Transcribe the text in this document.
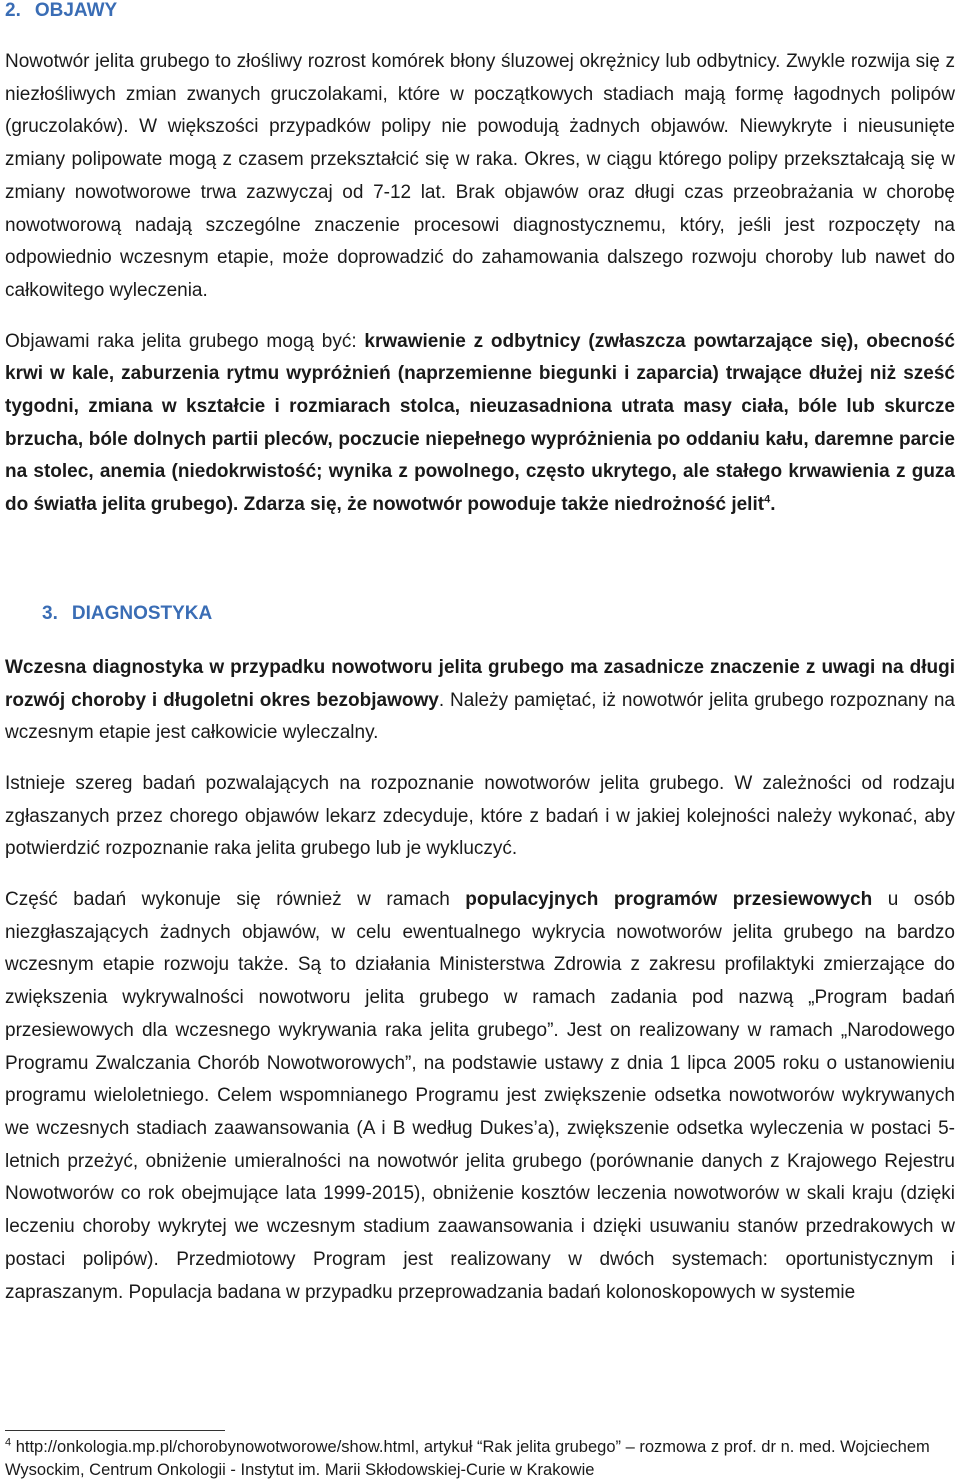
2. OBJAWY

Nowotwór jelita grubego to złośliwy rozrost komórek błony śluzowej okrężnicy lub odbytnicy. Zwykle rozwija się z niezłośliwych zmian zwanych gruczolakami, które w początkowych stadiach mają formę łagodnych polipów (gruczolaków). W większości przypadków polipy nie powodują żadnych objawów. Niewykryte i nieusunięte zmiany polipowate mogą z czasem przekształcić się w raka. Okres, w ciągu którego polipy przekształcają się w zmiany nowotworowe trwa zazwyczaj od 7-12 lat. Brak objawów oraz długi czas przeobrażania w chorobę nowotworową nadają szczególne znaczenie procesowi diagnostycznemu, który, jeśli jest rozpoczęty na odpowiednio wczesnym etapie, może doprowadzić do zahamowania dalszego rozwoju choroby lub nawet do całkowitego wyleczenia.

Objawami raka jelita grubego mogą być: krwawienie z odbytnicy (zwłaszcza powtarzające się), obecność krwi w kale, zaburzenia rytmu wypróżnień (naprzemienne biegunki i zaparcia) trwające dłużej niż sześć tygodni, zmiana w kształcie i rozmiarach stolca, nieuzasadniona utrata masy ciała, bóle lub skurcze brzucha, bóle dolnych partii pleców, poczucie niepełnego wypróżnienia po oddaniu kału, daremne parcie na stolec, anemia (niedokrwistość; wynika z powolnego, często ukrytego, ale stałego krwawienia z guza do światła jelita grubego). Zdarza się, że nowotwór powoduje także niedrożność jelit$^4$.

3. DIAGNOSTYKA

Wczesna diagnostyka w przypadku nowotworu jelita grubego ma zasadnicze znaczenie z uwagi na długi rozwój choroby i długoletni okres bezobjawowy. Należy pamiętać, iż nowotwór jelita grubego rozpoznany na wczesnym etapie jest całkowicie wyleczalny.

Istnieje szereg badań pozwalających na rozpoznanie nowotworów jelita grubego. W zależności od rodzaju zgłaszanych przez chorego objawów lekarz zdecyduje, które z badań i w jakiej kolejności należy wykonać, aby potwierdzić rozpoznanie raka jelita grubego lub je wykluczyć.

Część badań wykonuje się również w ramach populacyjnych programów przesiewowych u osób niezgłaszających żadnych objawów, w celu ewentualnego wykrycia nowotworów jelita grubego na bardzo wczesnym etapie rozwoju także. Są to działania Ministerstwa Zdrowia z zakresu profilaktyki zmierzające do zwiększenia wykrywalności nowotworu jelita grubego w ramach zadania pod nazwą „Program badań przesiewowych dla wczesnego wykrywania raka jelita grubego”. Jest on realizowany w ramach „Narodowego Programu Zwalczania Chorób Nowotworowych”, na podstawie ustawy z dnia 1 lipca 2005 roku o ustanowieniu programu wieloletniego. Celem wspomnianego Programu jest zwiększenie odsetka nowotworów wykrywanych we wczesnych stadiach zaawansowania (A i B według Dukes’a), zwiększenie odsetka wyleczenia w postaci 5-letnich przeżyć, obniżenie umieralności na nowotwór jelita grubego (porównanie danych z Krajowego Rejestru Nowotworów co rok obejmujące lata 1999-2015), obniżenie kosztów leczenia nowotworów w skali kraju (dzięki leczeniu choroby wykrytej we wczesnym stadium zaawansowania i dzięki usuwaniu stanów przedrakowych w postaci polipów). Przedmiotowy Program jest realizowany w dwóch systemach: oportunistycznym i zapraszanym. Populacja badana w przypadku przeprowadzania badań kolonoskopowych w systemie

$^4$ http://onkologia.mp.pl/chorobynowotworowe/show.html, artykuł “Rak jelita grubego” – rozmowa z prof. dr n. med. Wojciechem Wysockim, Centrum Onkologii - Instytut im. Marii Skłodowskiej-Curie w Krakowie
